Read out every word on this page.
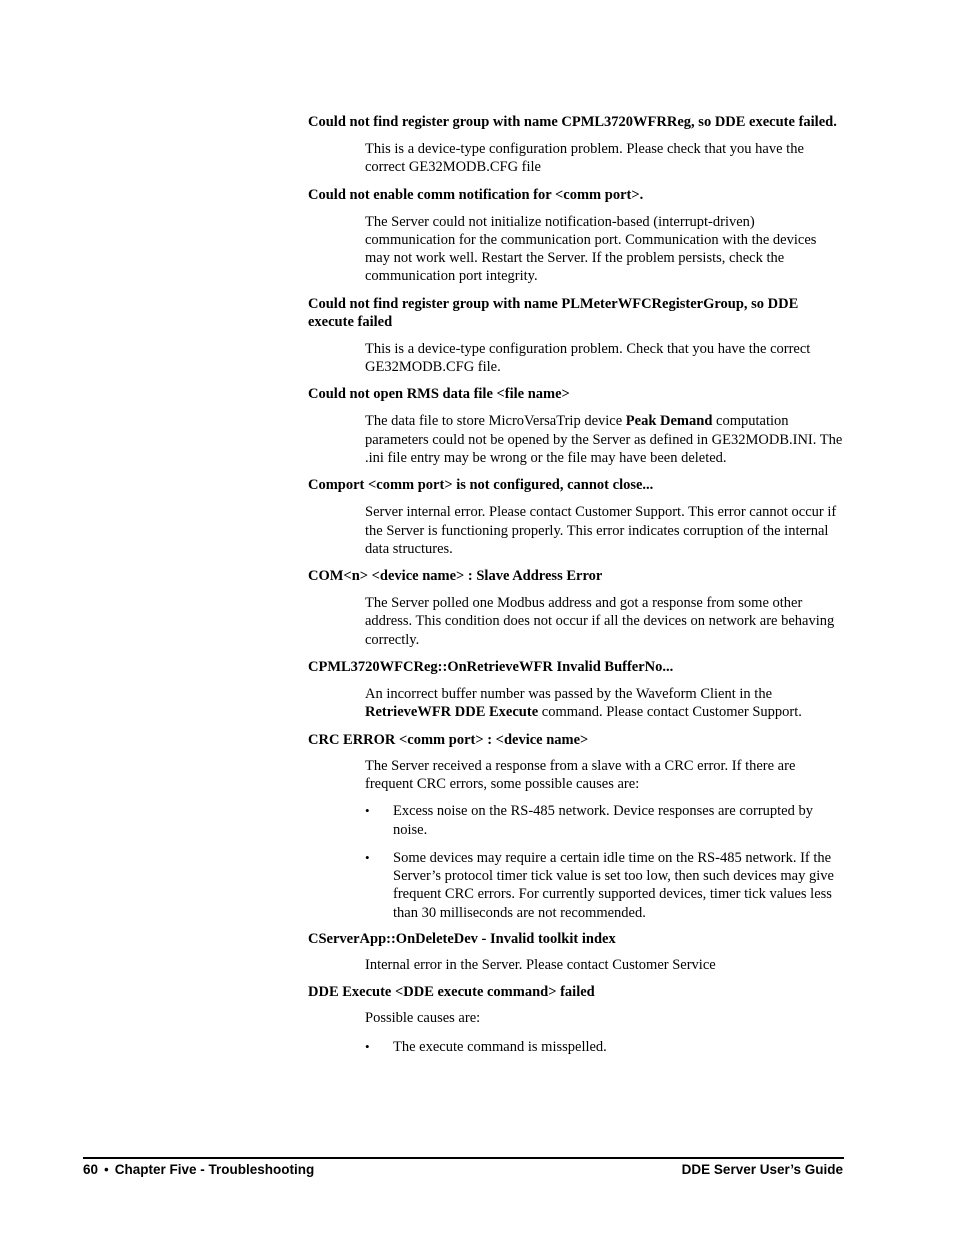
Could not find register group with name CPML3720WFRReg, so DDE execute failed.
This is a device-type configuration problem. Please check that you have the correct GE32MODB.CFG file
Could not enable comm notification for <comm port>.
The Server could not initialize notification-based (interrupt-driven) communication for the communication port. Communication with the devices may not work well. Restart the Server. If the problem persists, check the communication port integrity.
Could not find register group with name PLMeterWFCRegisterGroup, so DDE execute failed
This is a device-type configuration problem. Check that you have the correct GE32MODB.CFG file.
Could not open RMS data file <file name>
The data file to store MicroVersaTrip device Peak Demand computation parameters could not be opened by the Server as defined in GE32MODB.INI. The .ini file entry may be wrong or the file may have been deleted.
Comport <comm port> is not configured, cannot close...
Server internal error. Please contact Customer Support. This error cannot occur if the Server is functioning properly. This error indicates corruption of the internal data structures.
COM<n> <device name> : Slave Address Error
The Server polled one Modbus address and got a response from some other address. This condition does not occur if all the devices on network are behaving correctly.
CPML3720WFCReg::OnRetrieveWFR Invalid BufferNo...
An incorrect buffer number was passed by the Waveform Client in the RetrieveWFR DDE Execute command. Please contact Customer Support.
CRC ERROR <comm port> : <device name>
The Server received a response from a slave with a CRC error. If there are frequent CRC errors, some possible causes are:
• Excess noise on the RS-485 network. Device responses are corrupted by noise.
• Some devices may require a certain idle time on the RS-485 network. If the Server’s protocol timer tick value is set too low, then such devices may give frequent CRC errors. For currently supported devices, timer tick values less than 30 milliseconds are not recommended.
CServerApp::OnDeleteDev - Invalid toolkit index
Internal error in the Server. Please contact Customer Service
DDE Execute <DDE execute command> failed
Possible causes are:
• The execute command is misspelled.
60 • Chapter Five - Troubleshooting	DDE Server User’s Guide
